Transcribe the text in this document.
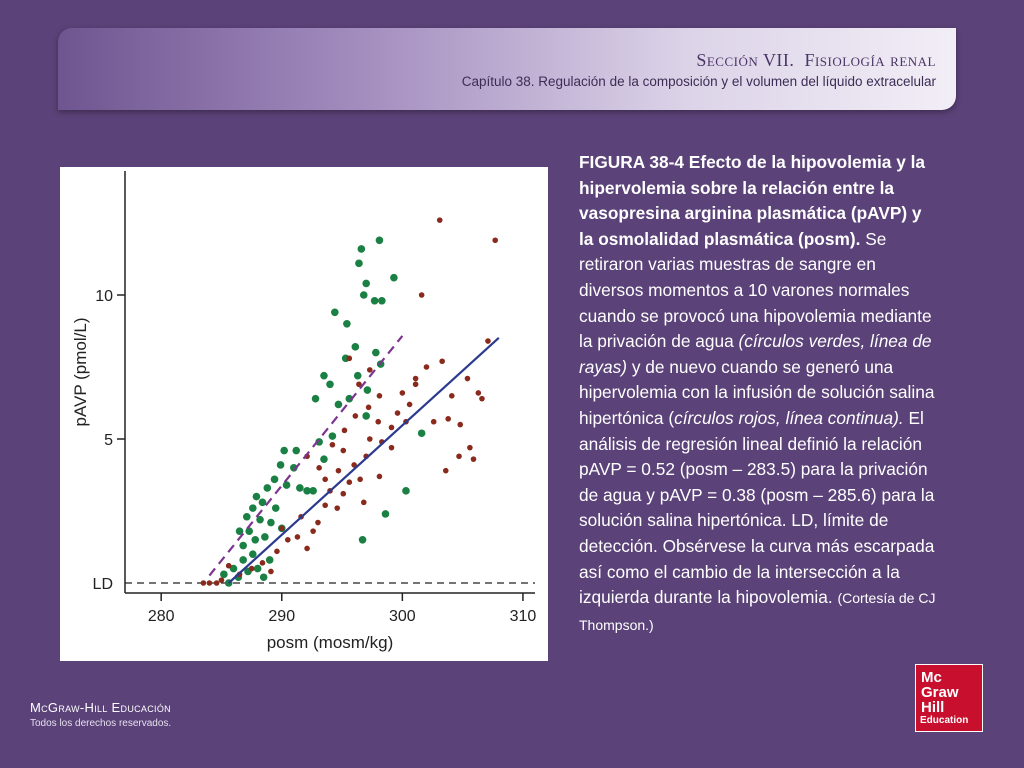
Sección VII. Fisiología renal
Capítulo 38. Regulación de la composición y el volumen del líquido extracelular
280	290	300	310
10
5
LD
posm (mosm/kg)
pAVP (pmol/L)
FIGURA 38-4 Efecto de la hipovolemia y la hipervolemia sobre la relación entre la vasopresina arginina plasmática (pAVP) y la osmolalidad plasmática (posm). Se retiraron varias muestras de sangre en diversos momentos a 10 varones normales cuando se provocó una hipovolemia mediante la privación de agua (círculos verdes, línea de rayas) y de nuevo cuando se generó una hipervolemia con la infusión de solución salina hipertónica (círculos rojos, línea continua). El análisis de regresión lineal definió la relación pAVP = 0.52 (posm – 283.5) para la privación de agua y pAVP = 0.38 (posm – 285.6) para la solución salina hipertónica. LD, límite de detección. Obsérvese la curva más escarpada así como el cambio de la intersección a la izquierda durante la hipovolemia. (Cortesía de CJ Thompson.)
McGraw-Hill Educación
Todos los derechos reservados.
Mc
Graw
Hill
Education
